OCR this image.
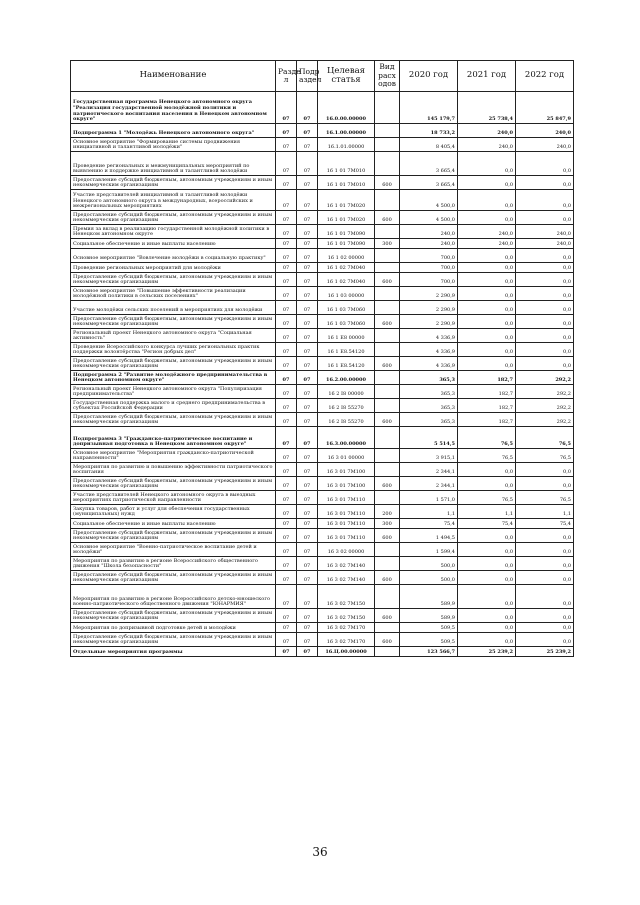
Наименование	Разде л	Подр аздел	Целевая статья	Вид расх одов	2020 год	2021 год	2022 год
Государственная программа Ненецкого автономного округа "Реализация государственной молодёжной политики и патриотического воспитания населения в Ненецком автономном округе"	07	07	16.0.00.00000		145 179,7	25 738,4	25 847,9
Подпрограмма 1 "Молодёжь Ненецкого автономного округа"	07	07	16.1.00.00000		18 733,2	240,0	240,0
Основное мероприятие "Формирование системы продвижения инициативной и талантливой молодёжи"	07	07	16.1.01.00000		8 405,4	240,0	240,0
Проведение региональных и межмуниципальных мероприятий по выявлению и поддержке инициативной и талантливой молодёжи	07	07	16 1 01 7М010		3 665,4	0,0	0,0
Предоставление субсидий бюджетным, автономным учреждениям и иным некоммерческим организациям	07	07	16 1 01 7М010	600	3 665,4	0,0	0,0
Участие представителей инициативной и талантливой молодёжи Ненецкого автономного округа в международных, всероссийских и межрегиональных мероприятиях	07	07	16 1 01 7М020		4 500,0	0,0	0,0
Предоставление субсидий бюджетным, автономным учреждениям и иным некоммерческим организациям	07	07	16 1 01 7М020	600	4 500,0	0,0	0,0
Премия за вклад в реализацию государственной молодёжной политики в Ненецком автономном округе	07	07	16 1 01 7М090		240,0	240,0	240,0
Социальное обеспечение и иные выплаты населению	07	07	16 1 01 7М090	300	240,0	240,0	240,0
Основное мероприятие "Вовлечение молодёжи в социальную практику"	07	07	16 1 02 00000		700,0	0,0	0,0
Проведение региональных мероприятий для молодёжи	07	07	16 1 02 7М040		700,0	0,0	0,0
Предоставление субсидий бюджетным, автономным учреждениям и иным некоммерческим организациям	07	07	16 1 02 7М040	600	700,0	0,0	0,0
Основное мероприятие "Повышение эффективности реализации молодёжной политики в сельских поселениях"	07	07	16 1 03 00000		2 290,9	0,0	0,0
Участие молодёжи сельских поселений в мероприятиях для молодёжи	07	07	16 1 03 7М060		2 290,9	0,0	0,0
Предоставление субсидий бюджетным, автономным учреждениям и иным некоммерческим организациям	07	07	16 1 03 7М060	600	2 290,9	0,0	0,0
Региональный проект Ненецкого автономного округа "Социальная активность"	07	07	16 1 Е8 00000		4 336,9	0,0	0,0
Проведение Всероссийского конкурса лучших региональных практик поддержки волонтёрства "Регион добрых дел"	07	07	16 1 Е8.54120		4 336,9	0,0	0,0
Предоставление субсидий бюджетным, автономным учреждениям и иным некоммерческим организациям	07	07	16 1 Е8.54120	600	4 336,9	0,0	0,0
Подпрограмма 2 "Развитие молодёжного предпринимательства в Ненецком автономном округе"	07	07	16.2.00.00000		365,3	182,7	292,2
Региональный проект Ненецкого автономного округа "Популяризация предпринимательства"	07	07	16 2 I8 00000		365,3	182,7	292,2
Государственная поддержка малого и среднего предпринимательства в субъектах Российской Федерации	07	07	16 2 I8 55270		365,3	182,7	292,2
Предоставление субсидий бюджетным, автономным учреждениям и иным некоммерческим организациям	07	07	16 2 I8 55270	600	365,3	182,7	292,2
Подпрограмма 3 "Гражданско-патриотическое воспитание и допризывная подготовка в Ненецком автономном округе"	07	07	16.3.00.00000		5 514,5	76,5	76,5
Основное мероприятие "Мероприятия гражданско-патриотической направленности"	07	07	16 3 01 00000		3 915,1	76,5	76,5
Мероприятия по развитию и повышению эффективности патриотического воспитания	07	07	16 3 01 7М100		2 344,1	0,0	0,0
Предоставление субсидий бюджетным, автономным учреждениям и иным некоммерческим организациям	07	07	16 3 01 7М100	600	2 344,1	0,0	0,0
Участие представителей Ненецкого автономного округа в выездных мероприятиях патриотической направленности	07	07	16 3 01 7М110		1 571,0	76,5	76,5
Закупка товаров, работ и услуг для обеспечения государственных (муниципальных) нужд	07	07	16 3 01 7М110	200	1,1	1,1	1,1
Социальное обеспечение и иные выплаты населению	07	07	16 3 01 7М110	300	75,4	75,4	75,4
Предоставление субсидий бюджетным, автономным учреждениям и иным некоммерческим организациям	07	07	16 3 01 7М110	600	1 494,5	0,0	0,0
Основное мероприятие "Военно-патриотическое воспитание детей и молодёжи"	07	07	16 3 02 00000		1 599,4	0,0	0,0
Мероприятия по развитию в регионе Всероссийского общественного движения "Школа безопасности"	07	07	16 3 02 7М140		500,0	0,0	0,0
Предоставление субсидий бюджетным, автономным учреждениям и иным некоммерческим организациям	07	07	16 3 02 7М140	600	500,0	0,0	0,0
Мероприятия по развитию в регионе Всероссийского детско-юношеского военно-патриотического общественного движения "ЮНАРМИЯ"	07	07	16 3 02 7М150		589,9	0,0	0,0
Предоставление субсидий бюджетным, автономным учреждениям и иным некоммерческим организациям	07	07	16 3 02 7М150	600	589,9	0,0	0,0
Мероприятия по допризывной подготовке детей и молодёжи	07	07	16 3 02 7М170		509,5	0,0	0,0
Предоставление субсидий бюджетным, автономным учреждениям и иным некоммерческим организациям	07	07	16 3 02 7М170	600	509,5	0,0	0,0
Отдельные мероприятия программы	07	07	16.Ц.00.00000		123 566,7	25 239,2	25 239,2
36
